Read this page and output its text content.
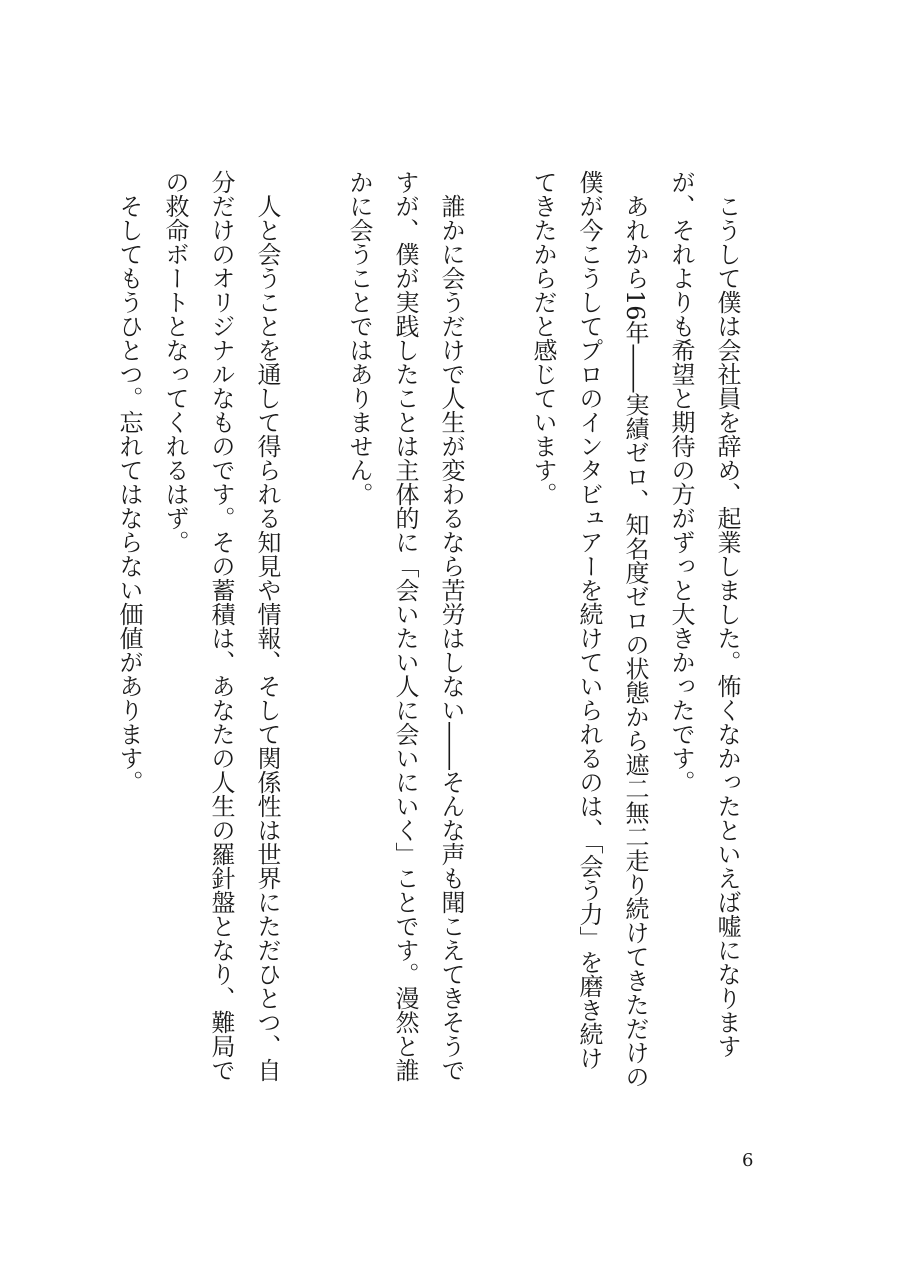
こうして僕は会社員を辞め、起業しました。怖くなかったといえば嘘になりますが、それよりも希望と期待の方がずっと大きかったです。

あれから16年――実績ゼロ、知名度ゼロの状態から遮二無二走り続けてきただけの僕が今こうしてプロのインタビュアーを続けていられるのは、「会う力」を磨き続けてきたからだと感じています。

誰かに会うだけで人生が変わるなら苦労はしない――そんな声も聞こえてきそうですが、僕が実践したことは主体的に「会いたい人に会いにいく」ことです。漫然と誰かに会うことではありません。

人と会うことを通して得られる知見や情報、そして関係性は世界にただひとつ、自分だけのオリジナルなものです。その蓄積は、あなたの人生の羅針盤となり、難局での救命ボートとなってくれるはず。

そしてもうひとつ。忘れてはならない価値があります。

6
